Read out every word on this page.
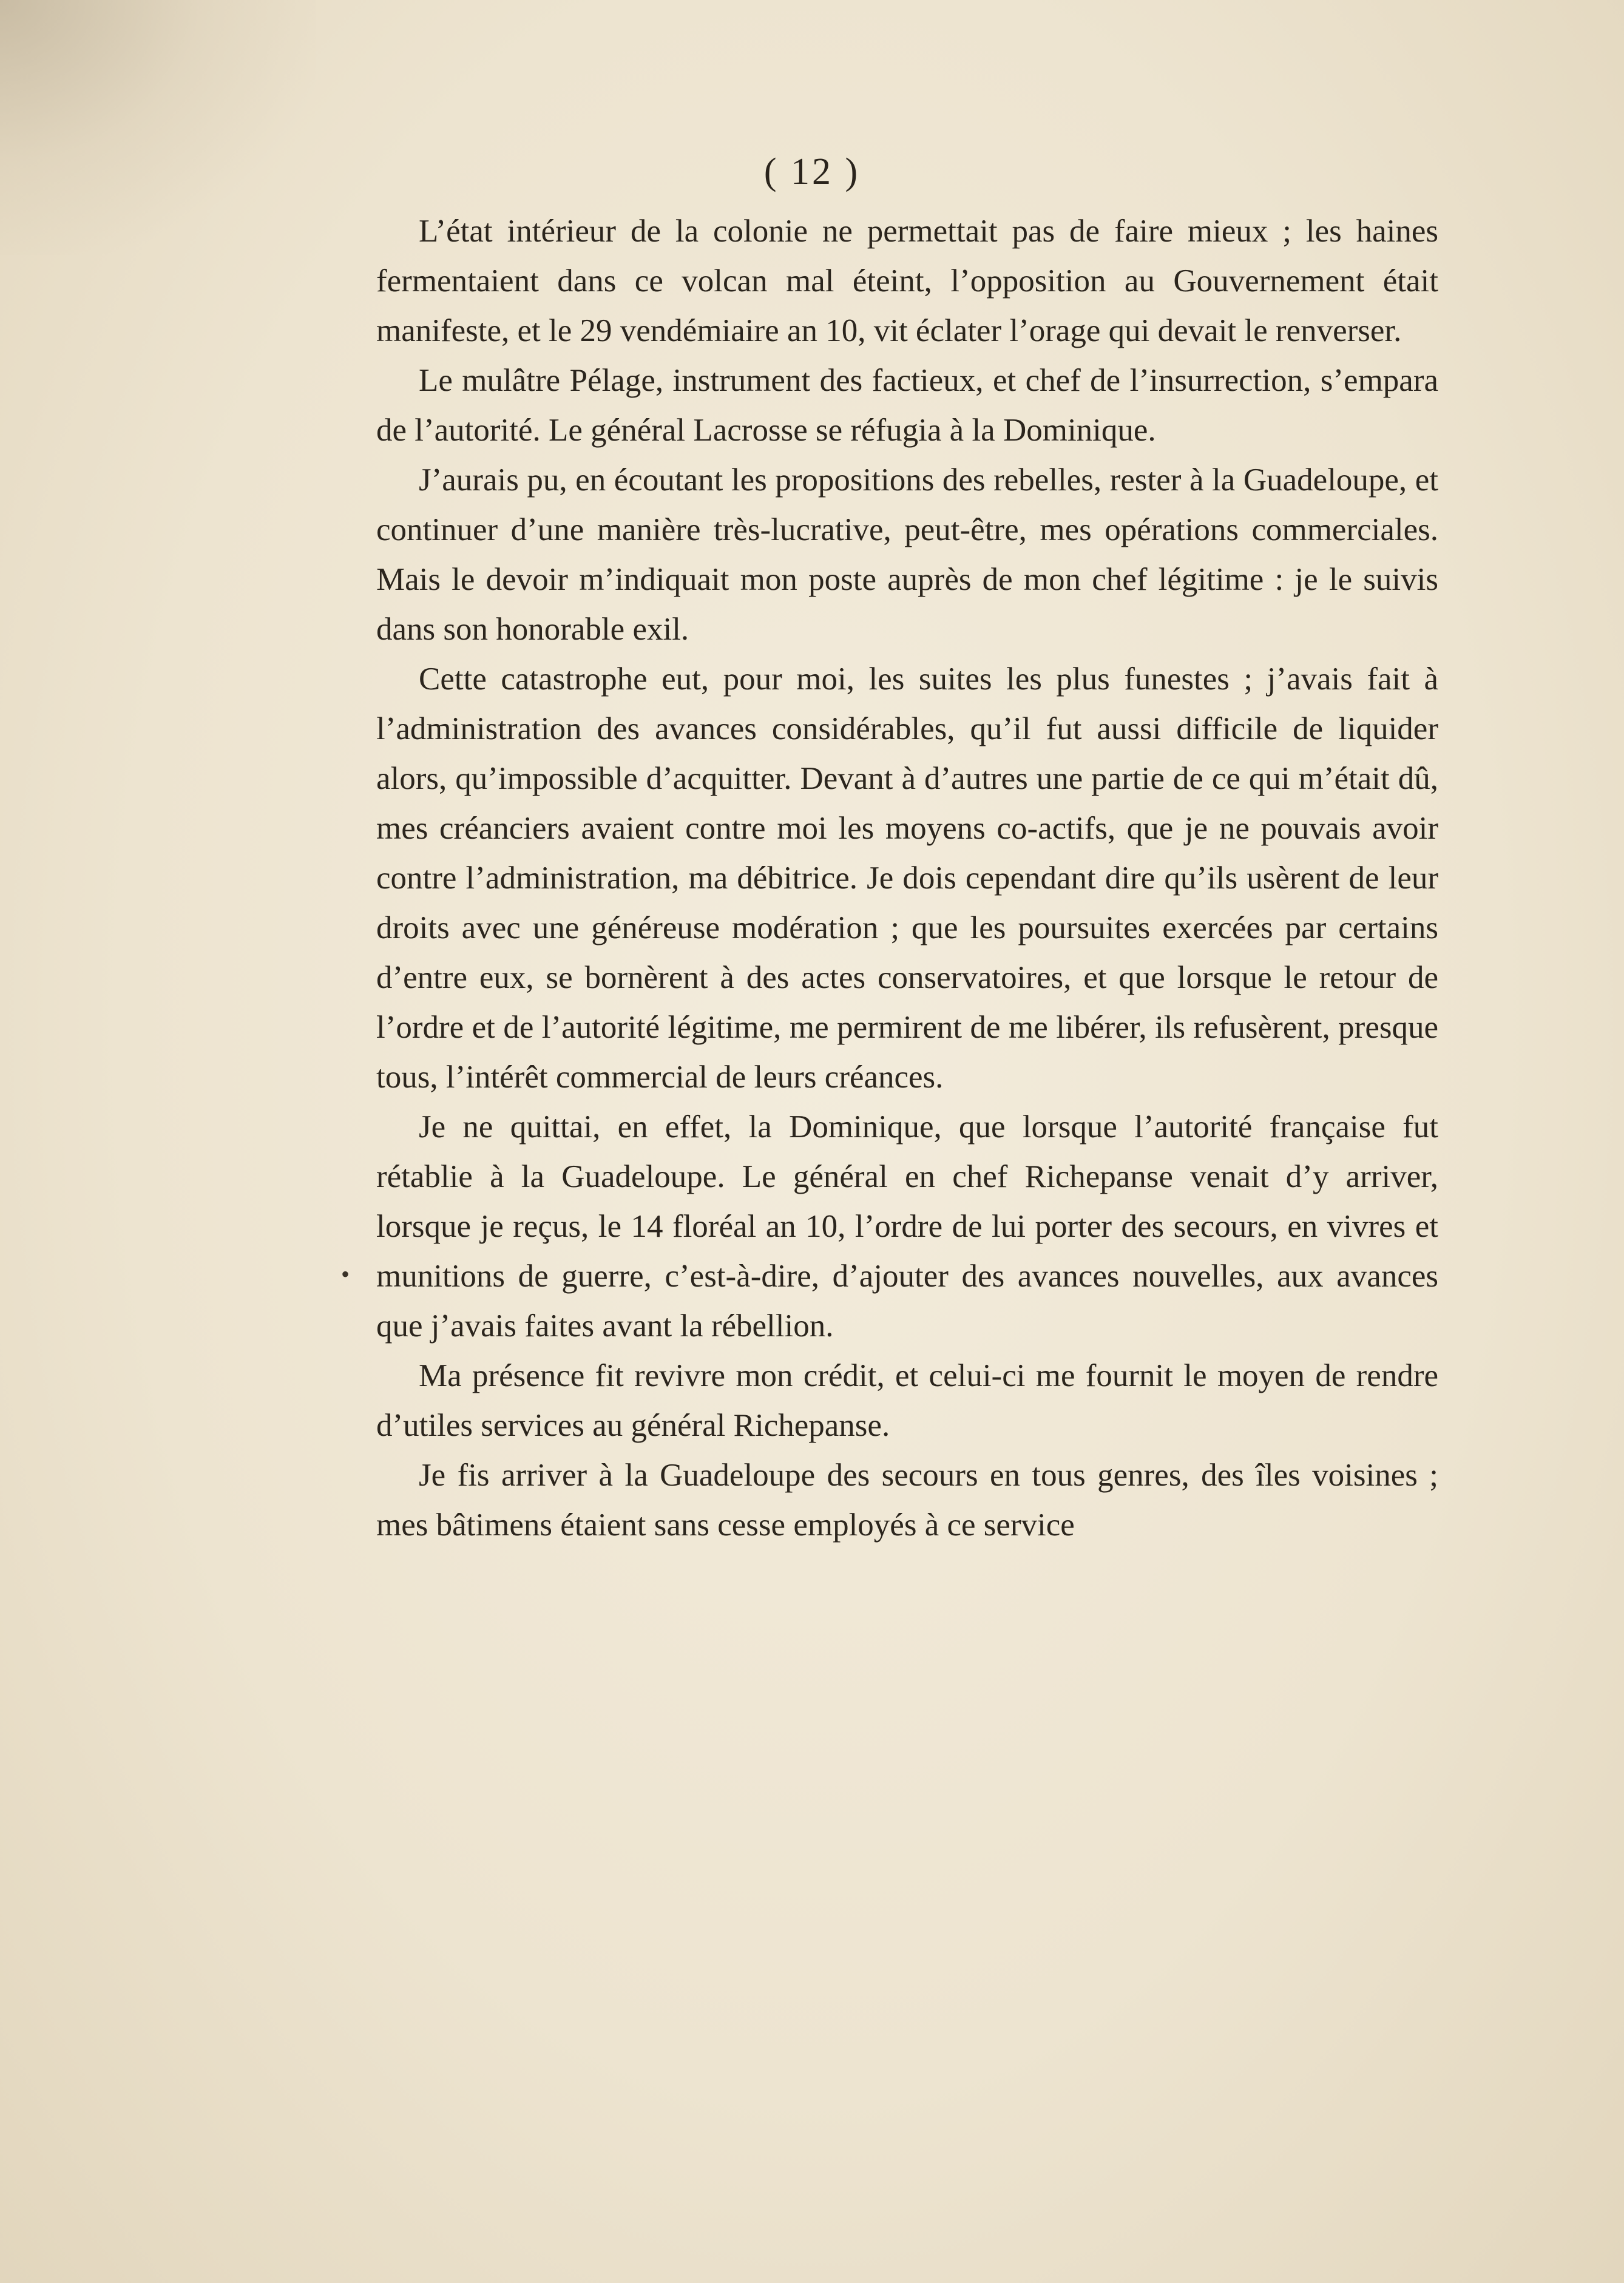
( 12 )
•

L’état intérieur de la colonie ne permettait pas de faire mieux ; les haines fermentaient dans ce volcan mal éteint, l’opposition au Gouvernement était manifeste, et le 29 vendémiaire an 10, vit éclater l’orage qui devait le renverser.

Le mulâtre Pélage, instrument des factieux, et chef de l’insurrection, s’empara de l’autorité. Le général Lacrosse se réfugia à la Dominique.

J’aurais pu, en écoutant les propositions des rebelles, rester à la Guadeloupe, et continuer d’une manière très-lucrative, peut-être, mes opérations commerciales. Mais le devoir m’indiquait mon poste auprès de mon chef légitime : je le suivis dans son honorable exil.

Cette catastrophe eut, pour moi, les suites les plus funestes ; j’avais fait à l’administration des avances considérables, qu’il fut aussi difficile de liquider alors, qu’impossible d’acquitter. Devant à d’autres une partie de ce qui m’était dû, mes créanciers avaient contre moi les moyens co-actifs, que je ne pouvais avoir contre l’administration, ma débitrice. Je dois cependant dire qu’ils usèrent de leur droits avec une généreuse modération ; que les poursuites exercées par certains d’entre eux, se bornèrent à des actes conservatoires, et que lorsque le retour de l’ordre et de l’autorité légitime, me permirent de me libérer, ils refusèrent, presque tous, l’intérêt commercial de leurs créances.

Je ne quittai, en effet, la Dominique, que lorsque l’autorité française fut rétablie à la Guadeloupe. Le général en chef Richepanse venait d’y arriver, lorsque je reçus, le 14 floréal an 10, l’ordre de lui porter des secours, en vivres et munitions de guerre, c’est-à-dire, d’ajouter des avances nouvelles, aux avances que j’avais faites avant la rébellion.

Ma présence fit revivre mon crédit, et celui-ci me fournit le moyen de rendre d’utiles services au général Richepanse.

Je fis arriver à la Guadeloupe des secours en tous genres, des îles voisines ; mes bâtimens étaient sans cesse employés à ce service
